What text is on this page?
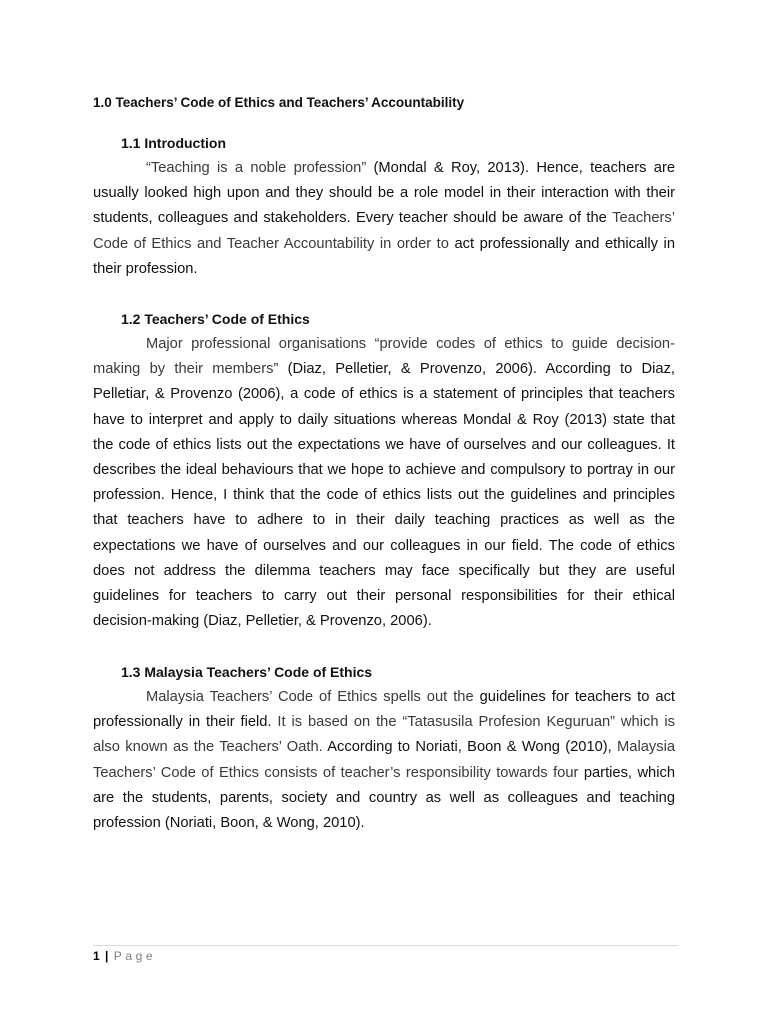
1.0 Teachers’ Code of Ethics and Teachers’ Accountability
1.1 Introduction

“Teaching is a noble profession” (Mondal & Roy, 2013). Hence, teachers are usually looked high upon and they should be a role model in their interaction with their students, colleagues and stakeholders. Every teacher should be aware of the Teachers’ Code of Ethics and Teacher Accountability in order to act professionally and ethically in their profession.

1.2 Teachers’ Code of Ethics

Major professional organisations “provide codes of ethics to guide decision-making by their members” (Diaz, Pelletier, & Provenzo, 2006). According to Diaz, Pelletiar, & Provenzo (2006), a code of ethics is a statement of principles that teachers have to interpret and apply to daily situations whereas Mondal & Roy (2013) state that the code of ethics lists out the expectations we have of ourselves and our colleagues. It describes the ideal behaviours that we hope to achieve and compulsory to portray in our profession. Hence, I think that the code of ethics lists out the guidelines and principles that teachers have to adhere to in their daily teaching practices as well as the expectations we have of ourselves and our colleagues in our field. The code of ethics does not address the dilemma teachers may face specifically but they are useful guidelines for teachers to carry out their personal responsibilities for their ethical decision-making (Diaz, Pelletier, & Provenzo, 2006).

1.3 Malaysia Teachers’ Code of Ethics

Malaysia Teachers’ Code of Ethics spells out the guidelines for teachers to act professionally in their field. It is based on the “Tatasusila Profesion Keguruan” which is also known as the Teachers’ Oath. According to Noriati, Boon & Wong (2010), Malaysia Teachers’ Code of Ethics consists of teacher’s responsibility towards four parties, which are the students, parents, society and country as well as colleagues and teaching profession (Noriati, Boon, & Wong, 2010).

1 | Page
